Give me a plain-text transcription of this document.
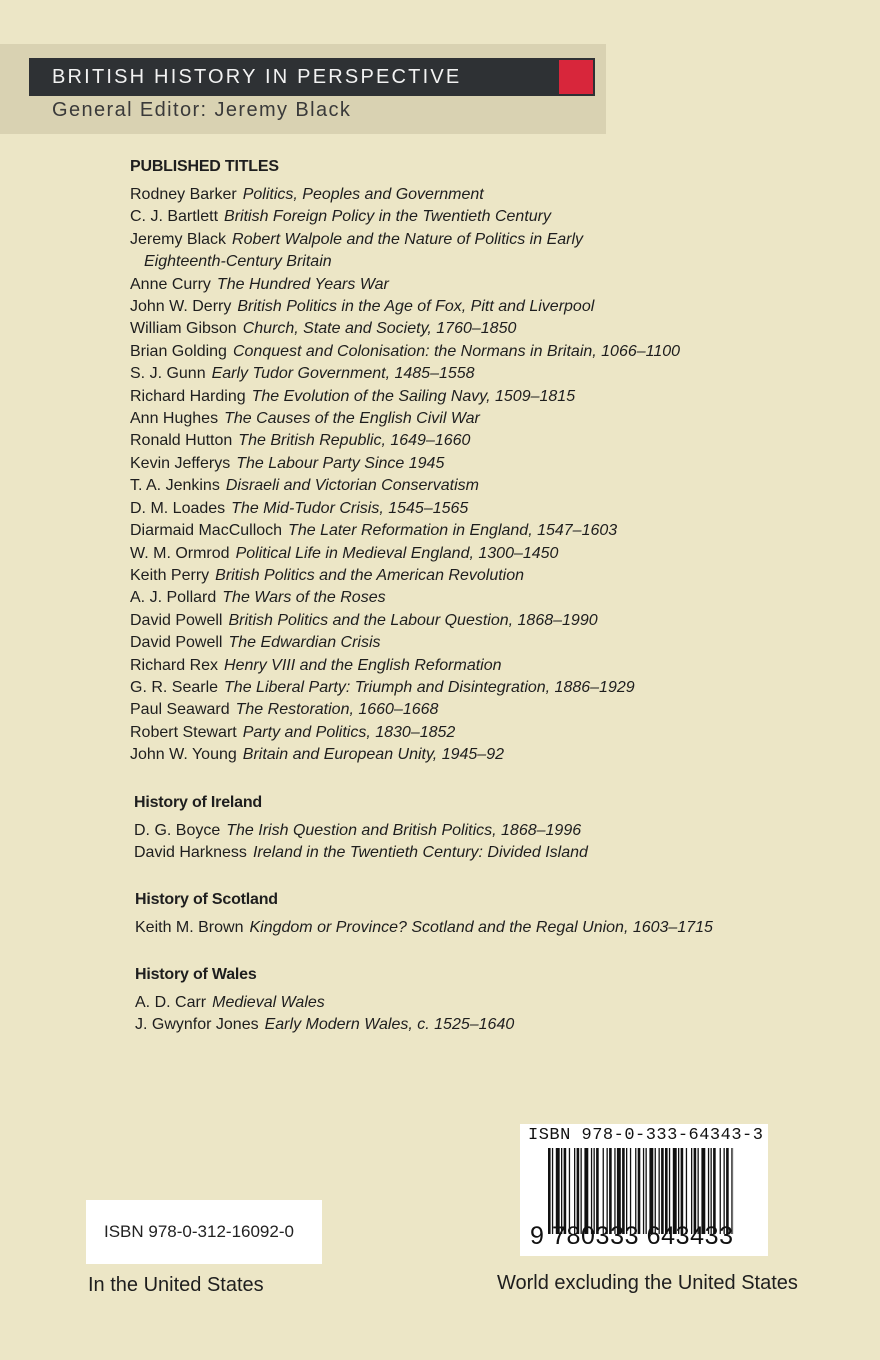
BRITISH HISTORY IN PERSPECTIVE
General Editor: Jeremy Black
PUBLISHED TITLES
Rodney Barker Politics, Peoples and Government
C. J. Bartlett British Foreign Policy in the Twentieth Century
Jeremy Black Robert Walpole and the Nature of Politics in Early
Eighteenth-Century Britain
Anne Curry The Hundred Years War
John W. Derry British Politics in the Age of Fox, Pitt and Liverpool
William Gibson Church, State and Society, 1760–1850
Brian Golding Conquest and Colonisation: the Normans in Britain, 1066–1100
S. J. Gunn Early Tudor Government, 1485–1558
Richard Harding The Evolution of the Sailing Navy, 1509–1815
Ann Hughes The Causes of the English Civil War
Ronald Hutton The British Republic, 1649–1660
Kevin Jefferys The Labour Party Since 1945
T. A. Jenkins Disraeli and Victorian Conservatism
D. M. Loades The Mid-Tudor Crisis, 1545–1565
Diarmaid MacCulloch The Later Reformation in England, 1547–1603
W. M. Ormrod Political Life in Medieval England, 1300–1450
Keith Perry British Politics and the American Revolution
A. J. Pollard The Wars of the Roses
David Powell British Politics and the Labour Question, 1868–1990
David Powell The Edwardian Crisis
Richard Rex Henry VIII and the English Reformation
G. R. Searle The Liberal Party: Triumph and Disintegration, 1886–1929
Paul Seaward The Restoration, 1660–1668
Robert Stewart Party and Politics, 1830–1852
John W. Young Britain and European Unity, 1945–92
History of Ireland
D. G. Boyce The Irish Question and British Politics, 1868–1996
David Harkness Ireland in the Twentieth Century: Divided Island
History of Scotland
Keith M. Brown Kingdom or Province? Scotland and the Regal Union, 1603–1715
History of Wales
A. D. Carr Medieval Wales
J. Gwynfor Jones Early Modern Wales, c. 1525–1640
ISBN 978-0-312-16092-0
In the United States
ISBN 978-0-333-64343-3
9 780333 643433
World excluding the United States
